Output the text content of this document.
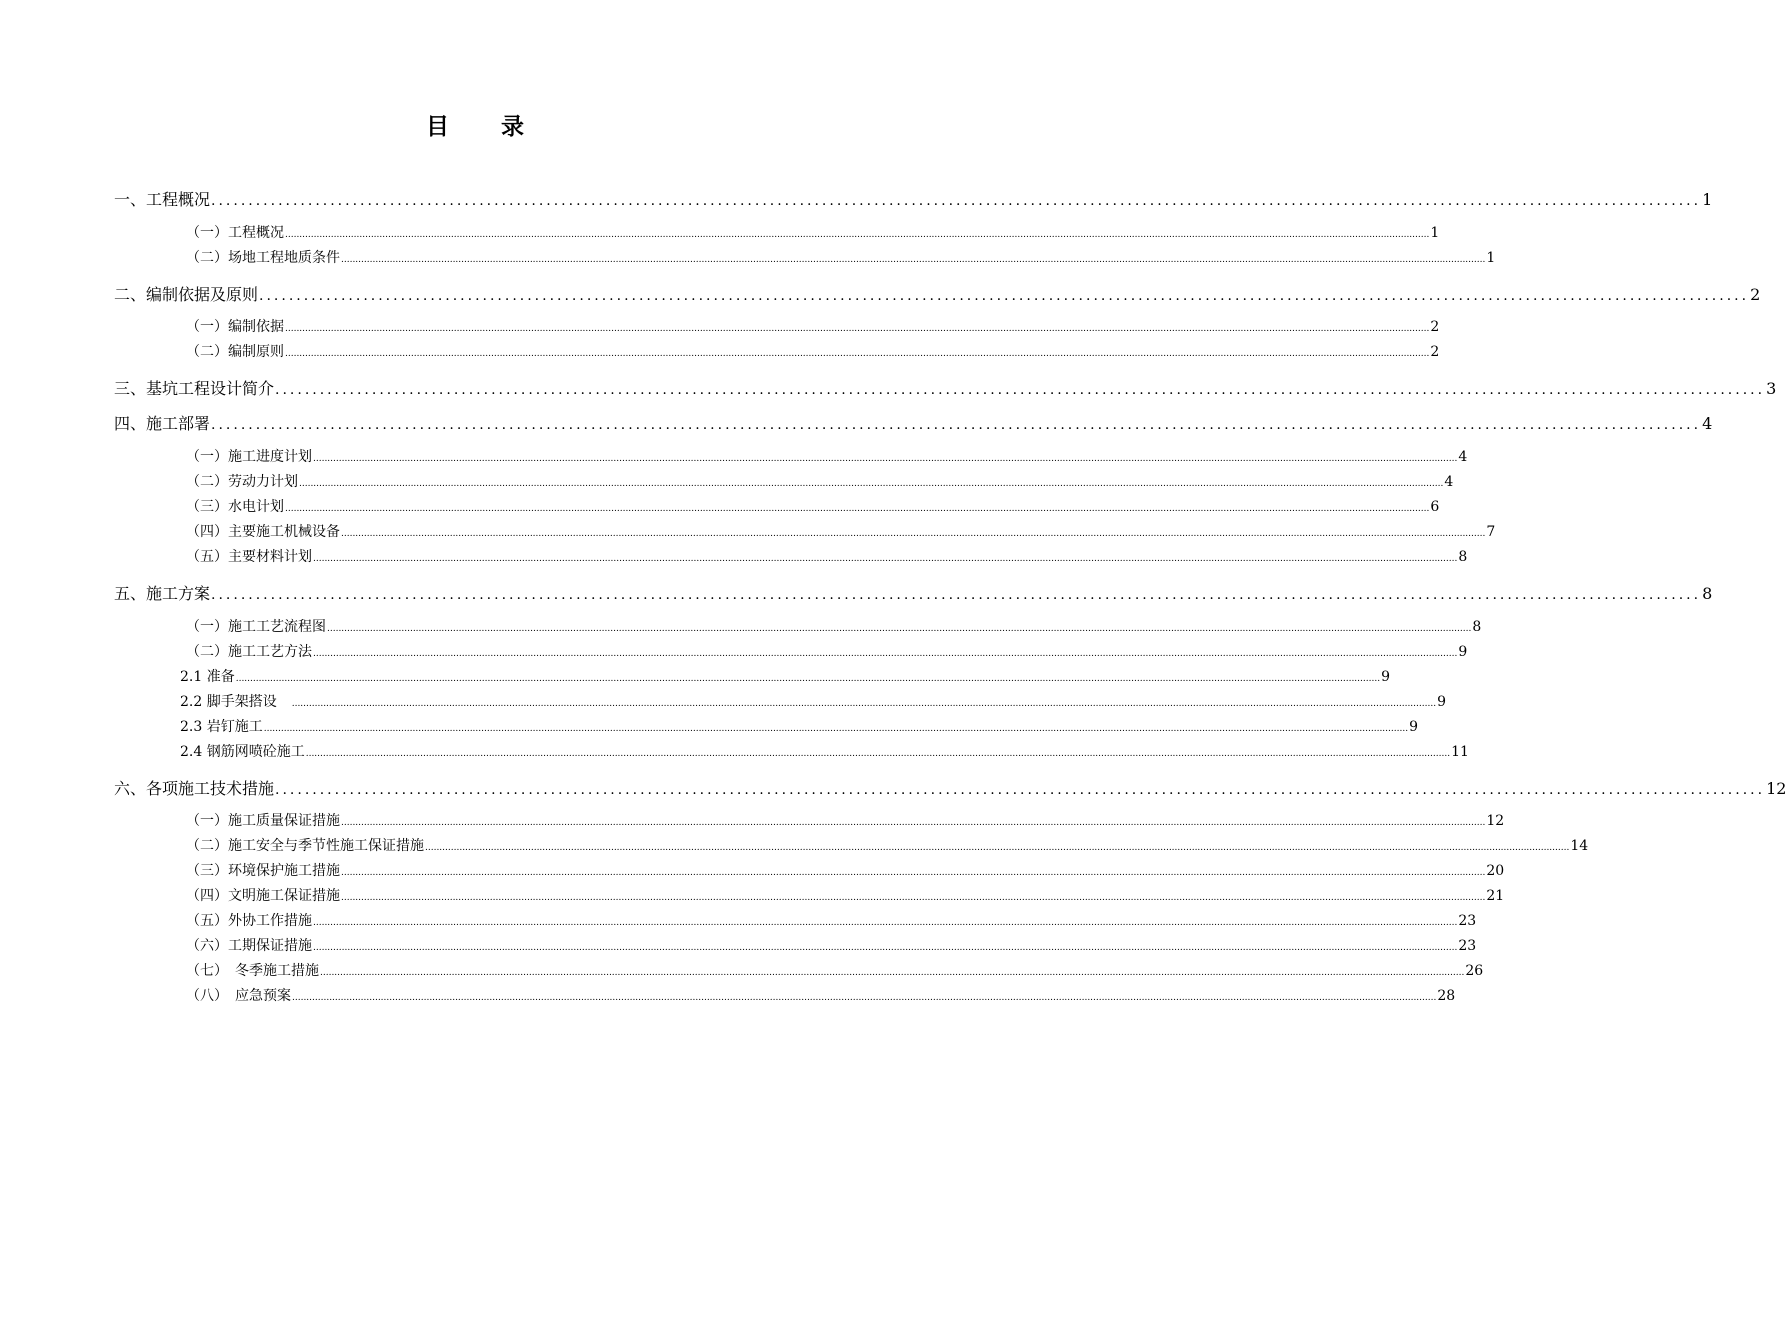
目 录
一、工程概况 ........................................................................................................................................................................................................ 1
（一）工程概况 ................................................................................................................................................................................................................................................................................................................................................................................................................ 1
（二）场地工程地质条件 ................................................................................................................................................................................................................................................................................................................................................................................................................ 1
二、编制依据及原则 ........................................................................................................................................................................................................ 2
（一）编制依据 ................................................................................................................................................................................................................................................................................................................................................................................................................ 2
（二）编制原则 ................................................................................................................................................................................................................................................................................................................................................................................................................ 2
三、基坑工程设计简介 ........................................................................................................................................................................................................ 3
四、施工部署 ........................................................................................................................................................................................................ 4
（一）施工进度计划 ................................................................................................................................................................................................................................................................................................................................................................................................................ 4
（二）劳动力计划 ................................................................................................................................................................................................................................................................................................................................................................................................................ 4
（三）水电计划 ................................................................................................................................................................................................................................................................................................................................................................................................................ 6
（四）主要施工机械设备 ................................................................................................................................................................................................................................................................................................................................................................................................................ 7
（五）主要材料计划 ................................................................................................................................................................................................................................................................................................................................................................................................................ 8
五、施工方案 ........................................................................................................................................................................................................ 8
（一）施工工艺流程图 ................................................................................................................................................................................................................................................................................................................................................................................................................ 8
（二）施工工艺方法 ................................................................................................................................................................................................................................................................................................................................................................................................................ 9
2.1 准备 ................................................................................................................................................................................................................................................................................................................................................................................................................ 9
2.2 脚手架搭设　 ................................................................................................................................................................................................................................................................................................................................................................................................................ 9
2.3 岩钉施工 ................................................................................................................................................................................................................................................................................................................................................................................................................ 9
2.4 钢筋网喷砼施工 ................................................................................................................................................................................................................................................................................................................................................................................................................ 11
六、各项施工技术措施 ........................................................................................................................................................................................................ 12
（一）施工质量保证措施 ................................................................................................................................................................................................................................................................................................................................................................................................................ 12
（二）施工安全与季节性施工保证措施 ................................................................................................................................................................................................................................................................................................................................................................................................................ 14
（三）环境保护施工措施 ................................................................................................................................................................................................................................................................................................................................................................................................................ 20
（四）文明施工保证措施 ................................................................................................................................................................................................................................................................................................................................................................................................................ 21
（五）外协工作措施 ................................................................................................................................................................................................................................................................................................................................................................................................................ 23
（六）工期保证措施 ................................................................................................................................................................................................................................................................................................................................................................................................................ 23
（七）　冬季施工措施 ................................................................................................................................................................................................................................................................................................................................................................................................................ 26
（八）　应急预案 ................................................................................................................................................................................................................................................................................................................................................................................................................ 28
